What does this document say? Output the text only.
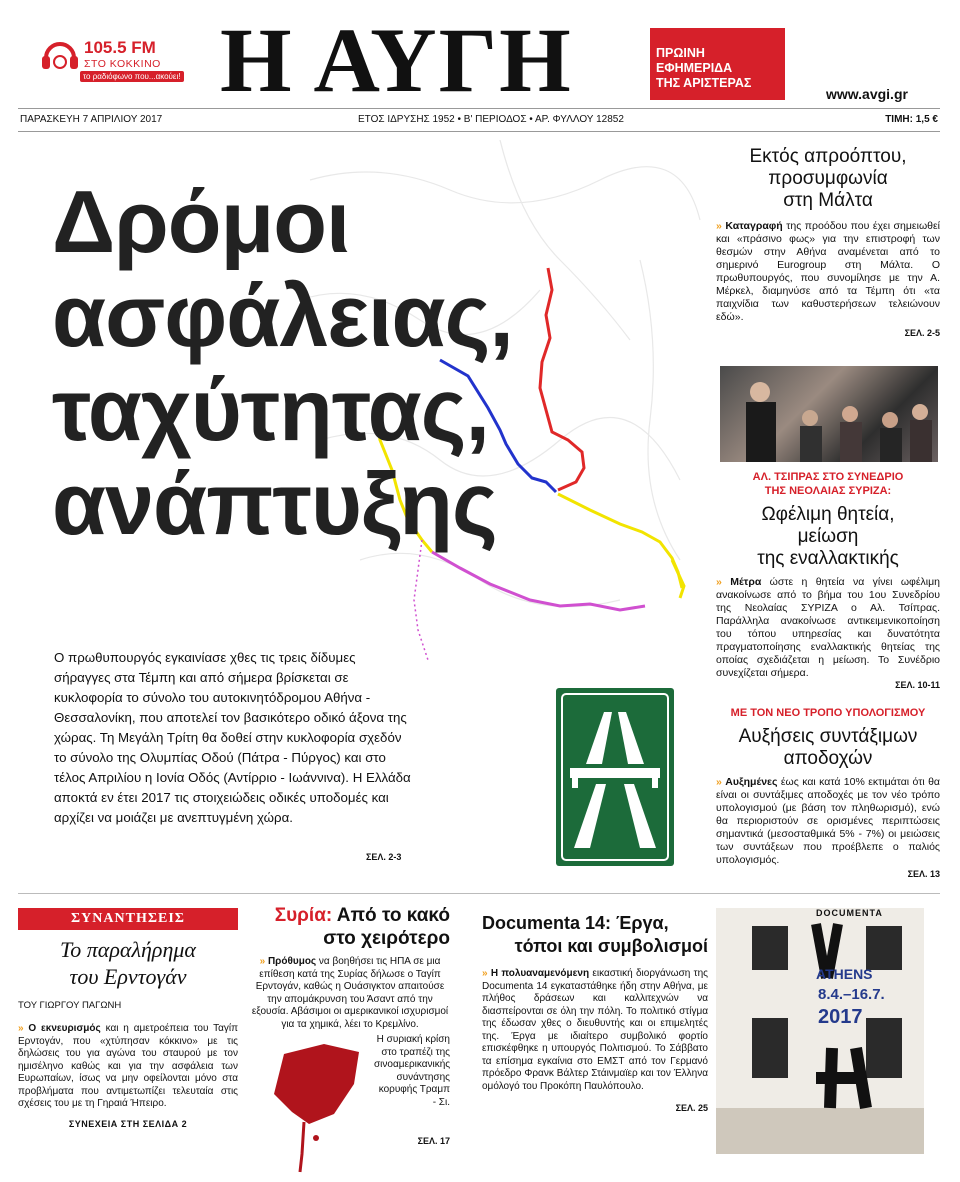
105.5 FM
ΣΤΟ ΚΟΚΚΙΝΟ
το ραδιόφωνο που...ακούει! Η ΑΥΓΗ	ΠΡΩΙΝΗ
ΕΦΗΜΕΡΙΔΑ
ΤΗΣ ΑΡΙΣΤΕΡΑΣ
www.avgi.gr
ΠΑΡΑΣΚΕΥΗ 7 ΑΠΡΙΛΙΟΥ 2017	ΕΤΟΣ ΙΔΡΥΣΗΣ 1952 • Β' ΠΕΡΙΟΔΟΣ • ΑΡ. ΦΥΛΛΟΥ 12852	ΤΙΜΗ: 1,5 €
Δρόμοι
ασφάλειας,
ταχύτητας,
ανάπτυξης

Ο πρωθυπουργός εγκαινίασε χθες τις τρεις δίδυμες σήραγγες στα Τέμπη και από σήμερα βρίσκεται σε κυκλοφορία το σύνολο του αυτοκινητόδρομου Αθήνα - Θεσσαλονίκη, που αποτελεί τον βασικότερο οδικό άξονα της χώρας. Τη Μεγάλη Τρίτη θα δοθεί στην κυκλοφορία σχεδόν το σύνολο της Ολυμπίας Οδού (Πάτρα - Πύργος) και στο τέλος Απριλίου η Ιονία Οδός (Αντίρριο - Ιωάννινα). Η Ελλάδα αποκτά εν έτει 2017 τις στοιχειώδεις οδικές υποδομές και αρχίζει να μοιάζει με ανεπτυγμένη χώρα.

ΣΕΛ. 2-3
Εκτός απροόπτου,
προσυμφωνία
στη Μάλτα

» Καταγραφή της προόδου που έχει σημειωθεί και «πράσινο φως» για την επιστροφή των θεσμών στην Αθήνα αναμένεται από το σημερινό Eurogroup στη Μάλτα. Ο πρωθυπουργός, που συνομίλησε με την Α. Μέρκελ, διαμηνύσε από τα Τέμπη ότι «τα παιχνίδια των καθυστερήσεων τελειώνουν εδώ».

ΣΕΛ. 2-5
ΑΛ. ΤΣΙΠΡΑΣ ΣΤΟ ΣΥΝΕΔΡΙΟ
ΤΗΣ ΝΕΟΛΑΙΑΣ ΣΥΡΙΖΑ:
Ωφέλιμη θητεία,
μείωση
της εναλλακτικής

» Μέτρα ώστε η θητεία να γίνει ωφέλιμη ανακοίνωσε από το βήμα του 1ου Συνεδρίου της Νεολαίας ΣΥΡΙΖΑ ο Αλ. Τσίπρας. Παράλληλα ανακοίνωσε αντικειμενικοποίηση του τόπου υπηρεσίας και δυνατότητα πραγματοποίησης εναλλακτικής θητείας της οποίας σχεδιάζεται η μείωση. Το Συνέδριο συνεχίζεται σήμερα.

ΣΕΛ. 10-11
ΜΕ ΤΟΝ ΝΕΟ ΤΡΟΠΟ ΥΠΟΛΟΓΙΣΜΟΥ
Αυξήσεις συντάξιμων
αποδοχών

» Αυξημένες έως και κατά 10% εκτιμάται ότι θα είναι οι συντάξιμες αποδοχές με τον νέο τρόπο υπολογισμού (με βάση τον πληθωρισμό), ενώ θα περιοριστούν σε ορισμένες περιπτώσεις σημαντικά (μεσοσταθμικά 5% - 7%) οι μειώσεις των συντάξεων που προέβλεπε ο παλιός υπολογισμός.

ΣΕΛ. 13
ΣΥΝΑΝΤΗΣΕΙΣ
Το παραλήρημα
του Ερντογάν
ΤΟΥ ΓΙΩΡΓΟΥ ΠΑΓΩΝΗ

» Ο εκνευρισμός και η αμετροέπεια του Ταγίπ Ερντογάν, που «χτύπησαν κόκκινο» με τις δηλώσεις του για αγώνα του σταυρού με τον ημισέληνο καθώς και για την ασφάλεια των Ευρωπαίων, ίσως να μην οφείλονται μόνο στα προβλήματα που αντιμετωπίζει τελευταία στις σχέσεις του με τη Γηραιά Ήπειρο.

ΣΥΝΕΧΕΙΑ ΣΤΗ ΣΕΛΙΔΑ 2
Συρία: Από το κακό
στο χειρότερο

» Πρόθυμος να βοηθήσει τις ΗΠΑ σε μια επίθεση κατά της Συρίας δήλωσε ο Ταγίπ Ερντογάν, καθώς η Ουάσιγκτον απαιτούσε την απομάκρυνση του Άσαντ από την εξουσία. Αβάσιμοι οι αμερικανικοί ισχυρισμοί για τα χημικά, λέει το Κρεμλίνο.

Η συριακή κρίση στο τραπέζι της σινοαμερικανικής συνάντησης κορυφής Τραμπ - Σι.

ΣΕΛ. 17
Documenta 14: Έργα,
τόποι και συμβολισμοί

» Η πολυαναμενόμενη εικαστική διοργάνωση της Documenta 14 εγκαταστάθηκε ήδη στην Αθήνα, με πλήθος δράσεων και καλλιτεχνών να διασπείρονται σε όλη την πόλη. Το πολιτικό στίγμα της έδωσαν χθες ο διευθυντής και οι επιμελητές της. Έργα με ιδιαίτερο συμβολικό φορτίο επισκέφθηκε η υπουργός Πολιτισμού. Το Σάββατο τα επίσημα εγκαίνια στο ΕΜΣΤ από τον Γερμανό πρόεδρο Φρανκ Βάλτερ Στάινμαϊερ και τον Έλληνα ομόλογό του Προκόπη Παυλόπουλο.

ΣΕΛ. 25
DOCUMENTA
ATHENS
8.4.–16.7.
2017
